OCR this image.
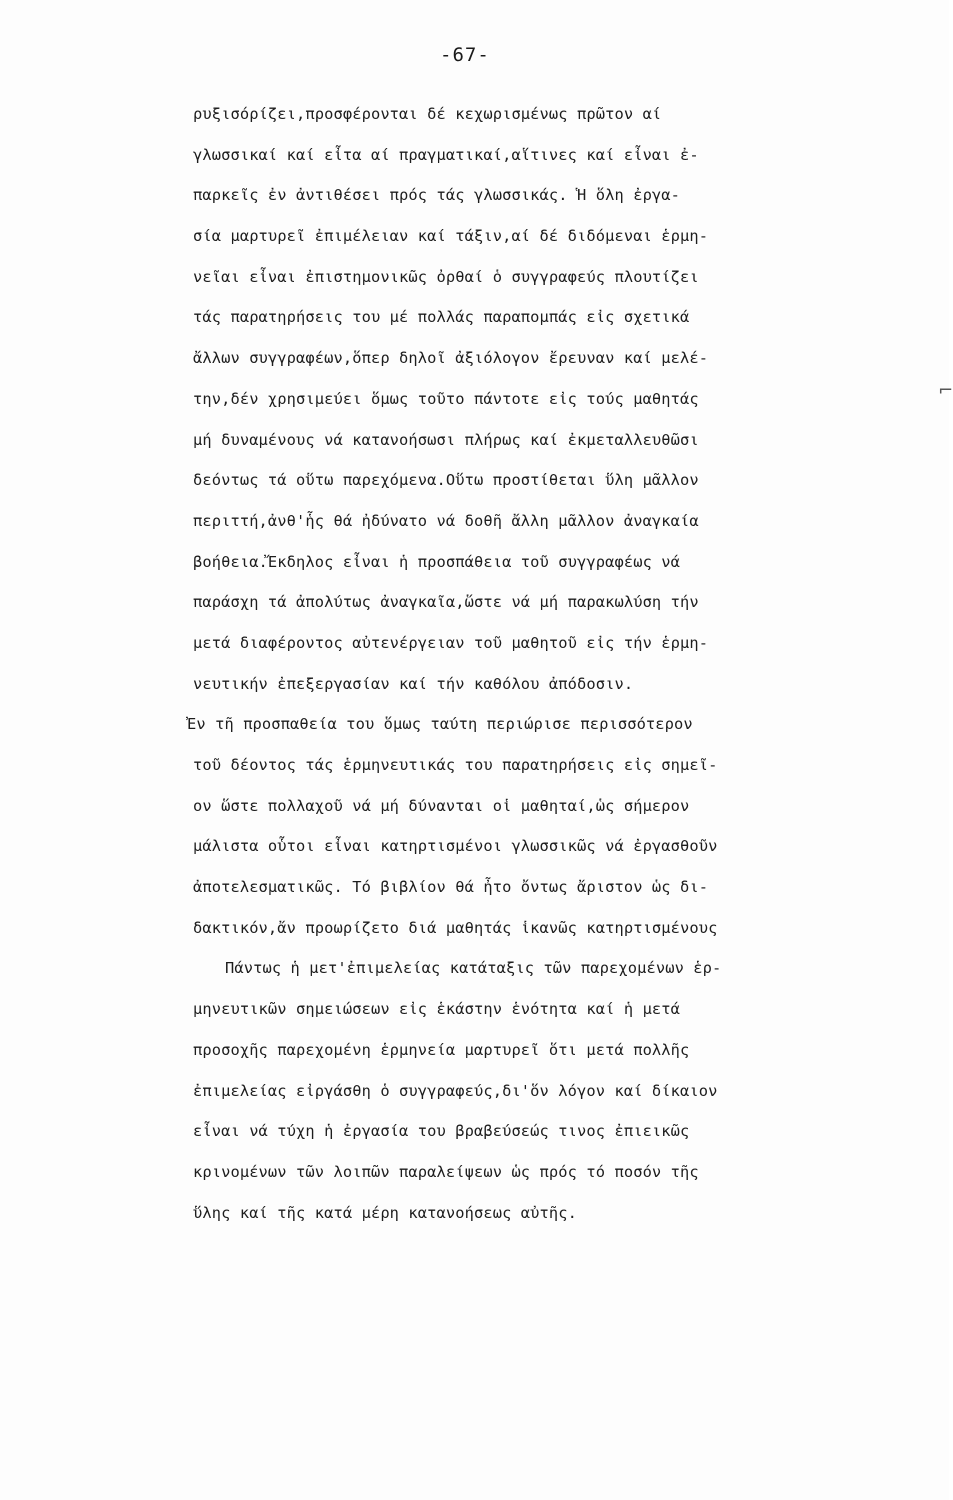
-67-
ρυξισόρίζει,προσφέρονται δέ κεχωρισμένως πρῶτον αί
γλωσσικαί καί εἶτα αί πραγματικαί,αἵτινες καί εἶναι ἐ-
παρκεῖς ἐν ἀντιθέσει πρός τάς γλωσσικάς. Ἡ ὅλη ἐργα-
σία μαρτυρεῖ ἐπιμέλειαν καί τάξιν,αί δέ διδόμεναι ἑρμη-
νεῖαι εἶναι ἐπιστημονικῶς ὀρθαί ὁ συγγραφεύς πλουτίζει
τάς παρατηρήσεις του μέ πολλάς παραπομπάς εἰς σχετικά
ἄλλων συγγραφέων,ὅπερ δηλοῖ ἀξιόλογον ἔρευναν καί μελέ-
την,δέν χρησιμεύει ὅμως τοῦτο πάντοτε εἰς τούς μαθητάς
μή δυναμένους νά κατανοήσωσι πλήρως καί ἐκμεταλλευθῶσι
δεόντως τά οὕτω παρεχόμενα.Οὕτω προστίθεται ὕλη μᾶλλον
περιττή,ἀνθ'ἧς θά ἠδύνατο νά δοθῆ ἄλλη μᾶλλον ἀναγκαία
βοήθεια.Ἔκδηλος εἶναι ἡ προσπάθεια τοῦ συγγραφέως νά
παράσχη τά ἀπολύτως ἀναγκαῖα,ὥστε νά μή παρακωλύση τήν
μετά διαφέροντος αὐτενέργειαν τοῦ μαθητοῦ εἰς τήν ἑρμη-
νευτικήν ἐπεξεργασίαν καί τήν καθόλου ἀπόδοσιν.
Ἐν τῆ προσπαθεία του ὅμως ταύτη περιώρισε περισσότερον
τοῦ δέοντος τάς ἑρμηνευτικάς του παρατηρήσεις εἰς σημεῖ-
ον ὥστε πολλαχοῦ νά μή δύνανται οἱ μαθηταί,ὡς σήμερον
μάλιστα οὗτοι εἶναι κατηρτισμένοι γλωσσικῶς νά ἐργασθοῦν
ἀποτελεσματικῶς. Τό βιβλίον θά ἦτο ὄντως ἄριστον ὡς δι-
δακτικόν,ἄν προωρίζετο διά μαθητάς ἱκανῶς κατηρτισμένους
Πάντως ἡ μετ'ἐπιμελείας κατάταξις τῶν παρεχομένων ἑρ-
μηνευτικῶν σημειώσεων εἰς ἑκάστην ἑνότητα καί ἡ μετά
προσοχῆς παρεχομένη ἑρμηνεία μαρτυρεῖ ὅτι μετά πολλῆς
ἐπιμελείας εἰργάσθη ὁ συγγραφεύς,δι'ὅν λόγον καί δίκαιον
εἶναι νά τύχη ἡ ἐργασία του βραβεύσεώς τινος ἐπιεικῶς
κρινομένων τῶν λοιπῶν παραλείψεων ὡς πρός τό ποσόν τῆς
ὕλης καί τῆς κατά μέρη κατανοήσεως αὐτῆς.
⌐
